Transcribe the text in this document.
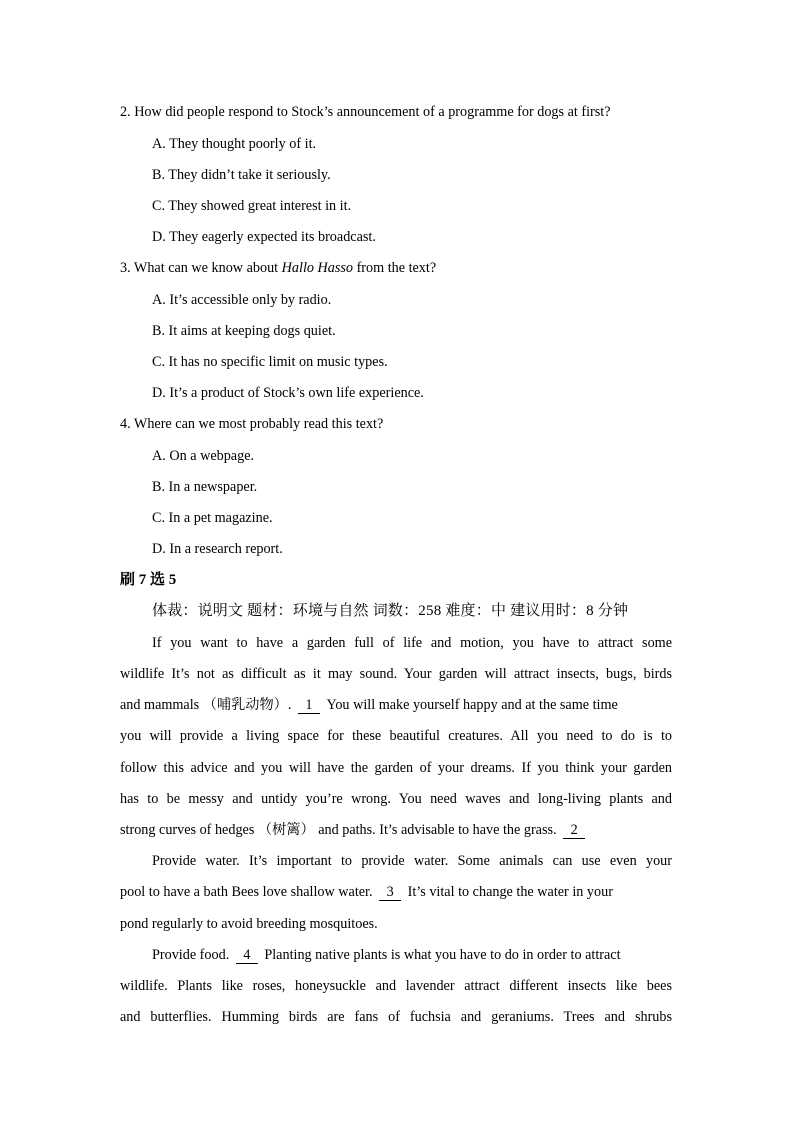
2. How did people respond to Stock’s announcement of a programme for dogs at first?
A. They thought poorly of it.
B. They didn’t take it seriously.
C. They showed great interest in it.
D. They eagerly expected its broadcast.
3. What can we know about Hallo Hasso from the text?
A. It’s accessible only by radio.
B. It aims at keeping dogs quiet.
C. It has no specific limit on music types.
D. It’s a product of Stock’s own life experience.
4. Where can we most probably read this text?
A. On a webpage.
B. In a newspaper.
C. In a pet magazine.
D. In a research report.
刷 7 选 5
体裁：说明文 题材：环境与自然 词数：258 难度：中 建议用时：8 分钟
If you want to have a garden full of life and motion, you have to attract some
wildlife It’s not as difficult as it may sound. Your garden will attract insects, bugs, birds
and mammals （哺乳动物）. 1 You will make yourself happy and at the same time
you will provide a living space for these beautiful creatures. All you need to do is to
follow this advice and you will have the garden of your dreams. If you think your garden
has to be messy and untidy you’re wrong. You need waves and long-living plants and
strong curves of hedges （树篱） and paths. It’s advisable to have the grass. 2
Provide water. It’s important to provide water. Some animals can use even your
pool to have a bath Bees love shallow water. 3 It’s vital to change the water in your
pond regularly to avoid breeding mosquitoes.
Provide food. 4 Planting native plants is what you have to do in order to attract
wildlife. Plants like roses, honeysuckle and lavender attract different insects like bees
and butterflies. Humming birds are fans of fuchsia and geraniums. Trees and shrubs
